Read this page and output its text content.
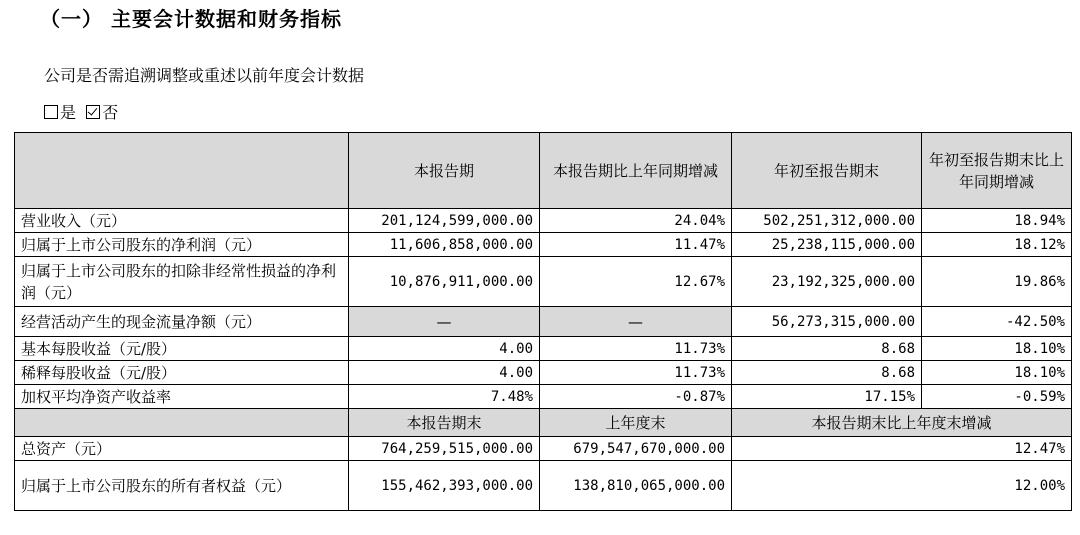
（一） 主要会计数据和财务指标
公司是否需追溯调整或重述以前年度会计数据
是 否
	本报告期	本报告期比上年同期增减	年初至报告期末	年初至报告期末比上年同期增减
营业收入（元）	201,124,599,000.00	24.04%	502,251,312,000.00	18.94%
归属于上市公司股东的净利润（元）	11,606,858,000.00	11.47%	25,238,115,000.00	18.12%
归属于上市公司股东的扣除非经常性损益的净利润（元）	10,876,911,000.00	12.67%	23,192,325,000.00	19.86%
经营活动产生的现金流量净额（元）	—	—	56,273,315,000.00	-42.50%
基本每股收益（元/股）	4.00	11.73%	8.68	18.10%
稀释每股收益（元/股）	4.00	11.73%	8.68	18.10%
加权平均净资产收益率	7.48%	-0.87%	17.15%	-0.59%
	本报告期末	上年度末	本报告期末比上年度末增减	
总资产（元）	764,259,515,000.00	679,547,670,000.00	12.47%	
归属于上市公司股东的所有者权益（元）	155,462,393,000.00	138,810,065,000.00	12.00%	
